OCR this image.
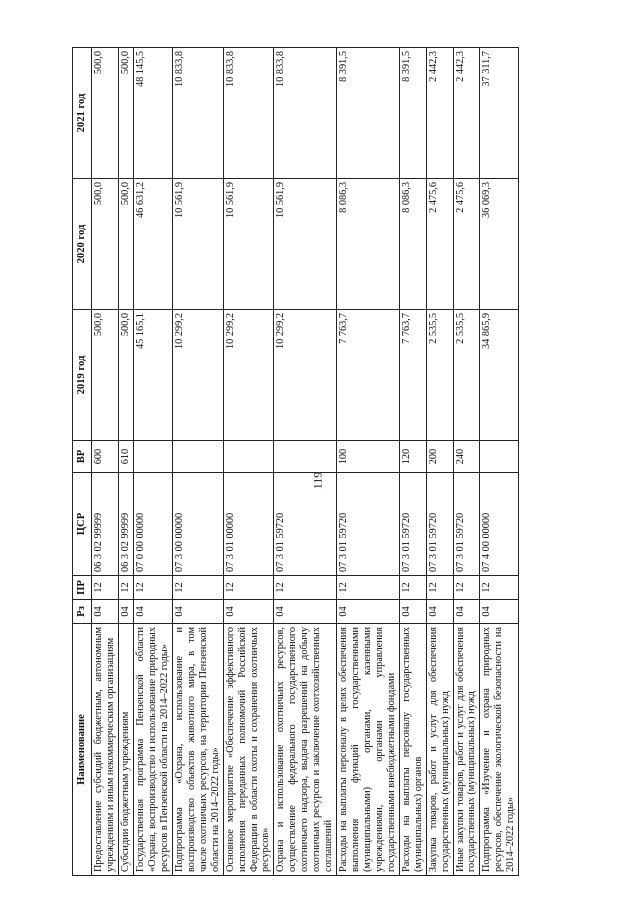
119
Наименование	Рз	ПР	ЦСР	ВР	2019 год	2020 год	2021 год
Предоставление субсидий бюджетным, автономным учреждениям и иным некоммерческим организациям	04	12	06 3 02 99999	600	500,0	500,0	500,0
Субсидии бюджетным учреждениям	04	12	06 3 02 99999	610	500,0	500,0	500,0
Государственная программа Пензенской области «Охрана, воспроизводство и использование природных ресурсов в Пензенской области на 2014–2022 годы»	04	12	07 0 00 00000		45 165,1	46 631,2	48 145,5
Подпрограмма «Охрана, использование и воспроизводство объектов животного мира, в том числе охотничьих ресурсов, на территории Пензенской области на 2014–2022 годы»	04	12	07 3 00 00000		10 299,2	10 561,9	10 833,8
Основное мероприятие «Обеспечение эффективного исполнения переданных полномочий Российской Федерации в области охоты и сохранения охотничьих ресурсов»	04	12	07 3 01 00000		10 299,2	10 561,9	10 833,8
Охрана и использование охотничьих ресурсов, осуществление федерального государственного охотничьего надзора, выдача разрешений на добычу охотничьих ресурсов и заключение охотхозяйственных соглашений	04	12	07 3 01 59720		10 299,2	10 561,9	10 833,8
Расходы на выплаты персоналу в целях обеспечения выполнения функций государственными (муниципальными) органами, казенными учреждениями, органами управления государственными внебюджетными фондами	04	12	07 3 01 59720	100	7 763,7	8 086,3	8 391,5
Расходы на выплаты персоналу государственных (муниципальных) органов	04	12	07 3 01 59720	120	7 763,7	8 086,3	8 391,5
Закупка товаров, работ и услуг для обеспечения государственных (муниципальных) нужд	04	12	07 3 01 59720	200	2 535,5	2 475,6	2 442,3
Иные закупки товаров, работ и услуг для обеспечения государственных (муниципальных) нужд	04	12	07 3 01 59720	240	2 535,5	2 475,6	2 442,3
Подпрограмма «Изучение и охрана природных ресурсов, обеспечение экологической безопасности на 2014–2022 годы»	04	12	07 4 00 00000		34 865,9	36 069,3	37 311,7
